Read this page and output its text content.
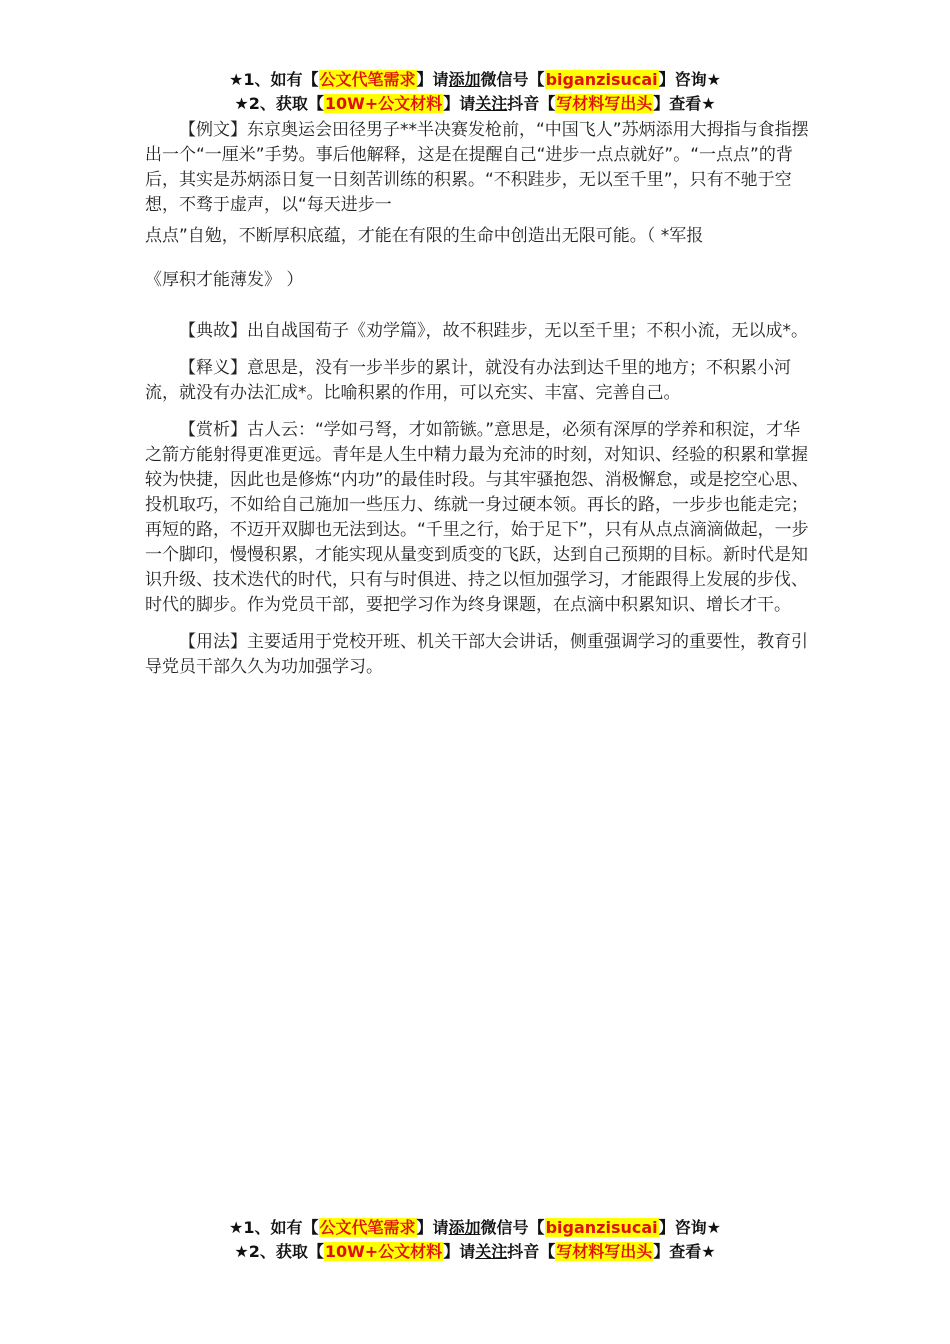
★1、如有【公文代笔需求】请添加微信号【biganzisucai】咨询★
★2、获取【10W+公文材料】请关注抖音【写材料写出头】查看★

【例文】东京奥运会田径男子**半决赛发枪前，“中国飞人”苏炳添用大拇指与食指摆出一个“一厘米”手势。事后他解释，这是在提醒自己“进步一点点就好”。“一点点”的背后，其实是苏炳添日复一日刻苦训练的积累。“不积跬步，无以至千里”，只有不驰于空想，不骛于虚声，以“每天进步一

点点”自勉，不断厚积底蕴，才能在有限的生命中创造出无限可能。（ *军报

《厚积才能薄发》 ）

【典故】出自战国荀子《劝学篇》，故不积跬步，无以至千里；不积小流，无以成*。

【释义】意思是，没有一步半步的累计，就没有办法到达千里的地方；不积累小河流，就没有办法汇成*。比喻积累的作用，可以充实、丰富、完善自己。

【赏析】古人云：“学如弓弩，才如箭镞。”意思是，必须有深厚的学养和积淀，才华之箭方能射得更准更远。青年是人生中精力最为充沛的时刻，对知识、经验的积累和掌握较为快捷，因此也是修炼“内功”的最佳时段。与其牢骚抱怨、消极懈怠，或是挖空心思、投机取巧，不如给自己施加一些压力、练就一身过硬本领。再长的路，一步步也能走完；再短的路，不迈开双脚也无法到达。“千里之行，始于足下”，只有从点点滴滴做起，一步一个脚印，慢慢积累，才能实现从量变到质变的飞跃，达到自己预期的目标。新时代是知识升级、技术迭代的时代，只有与时俱进、持之以恒加强学习，才能跟得上发展的步伐、时代的脚步。作为党员干部，要把学习作为终身课题，在点滴中积累知识、增长才干。

【用法】主要适用于党校开班、机关干部大会讲话，侧重强调学习的重要性，教育引导党员干部久久为功加强学习。

★1、如有【公文代笔需求】请添加微信号【biganzisucai】咨询★
★2、获取【10W+公文材料】请关注抖音【写材料写出头】查看★
